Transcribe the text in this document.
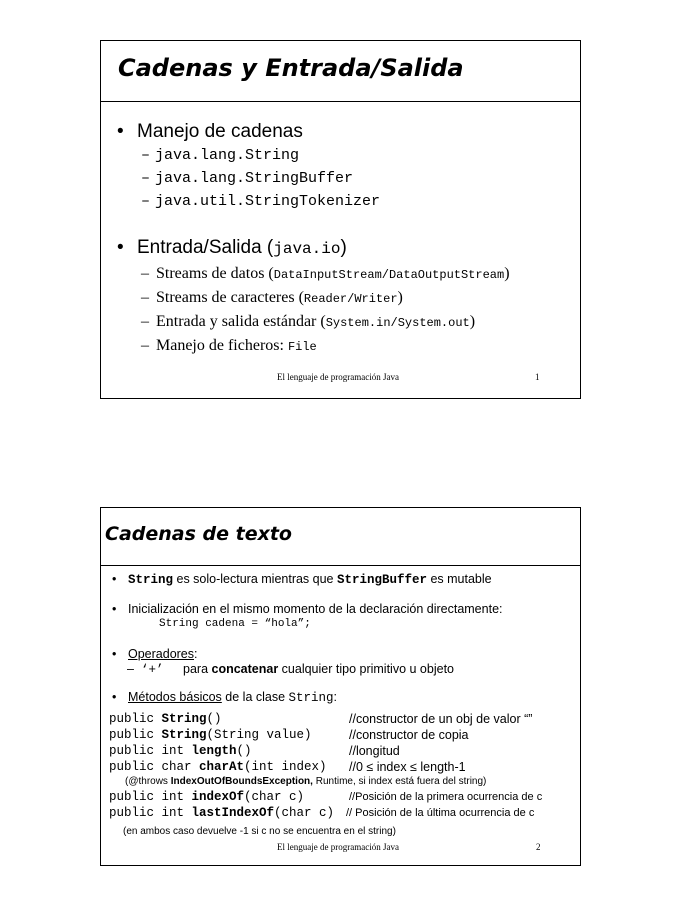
Cadenas y Entrada/Salida
• Manejo de cadenas
– java.lang.String
– java.lang.StringBuffer
– java.util.StringTokenizer
• Entrada/Salida (java.io)
– Streams de datos (DataInputStream/DataOutputStream)
– Streams de caracteres (Reader/Writer)
– Entrada y salida estándar (System.in/System.out)
– Manejo de ficheros: File
El lenguaje de programación Java	1
Cadenas de texto
• String es solo-lectura mientras que StringBuffer es mutable
• Inicialización en el mismo momento de la declaración directamente:
String cadena = “hola”;
• Operadores:
– ‘+’ para concatenar cualquier tipo primitivo u objeto
• Métodos básicos de la clase String:
public String()	//constructor de un obj de valor “”
public String(String value)	//constructor de copia
public int length()	//longitud
public char charAt(int index) //0 ≤ index ≤ length-1
(@throws IndexOutOfBoundsException, Runtime, si index está fuera del string)
public int indexOf(char c)	//Posición de la primera ocurrencia de c
public int lastIndexOf(char c) // Posición de la última ocurrencia de c
(en ambos caso devuelve -1 si c no se encuentra en el string)
El lenguaje de programación Java	2
